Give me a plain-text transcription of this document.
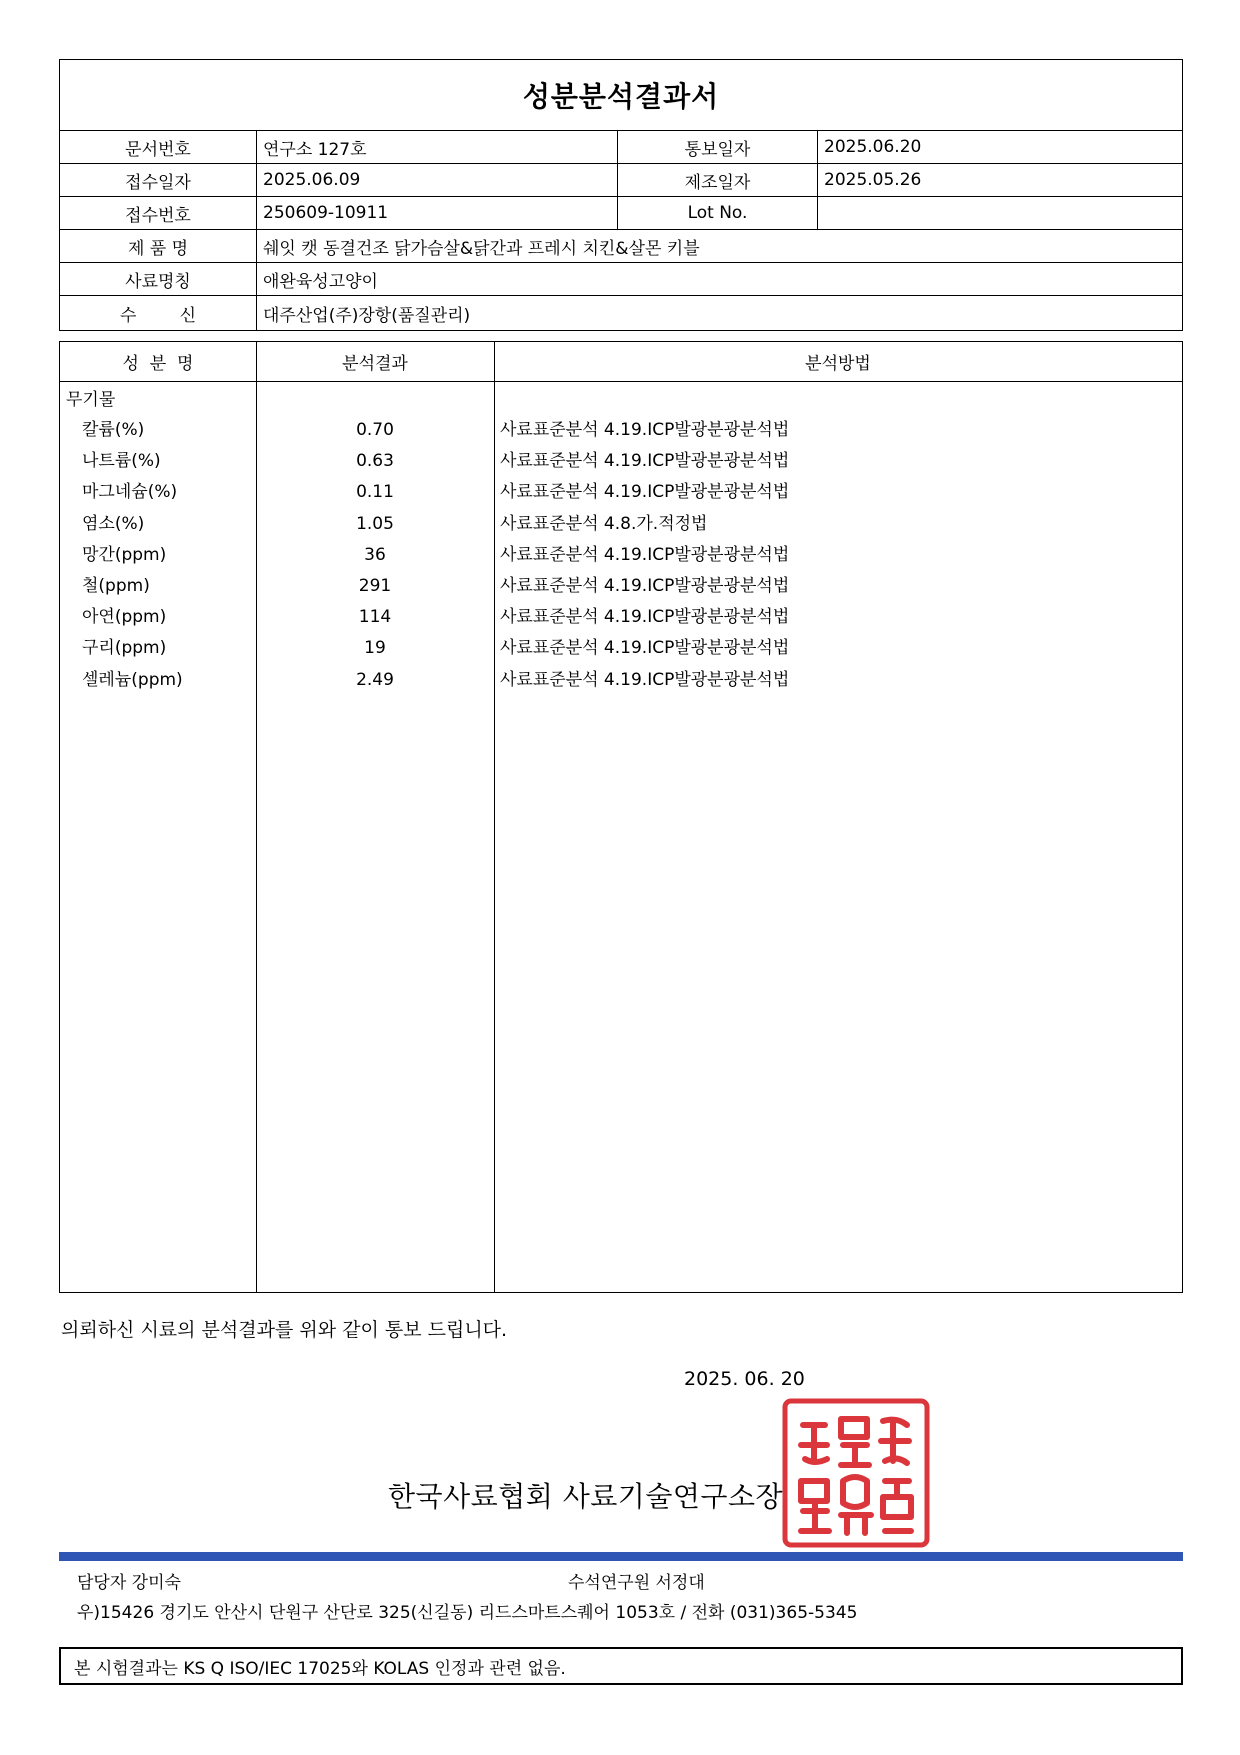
성분분석결과서
문서번호	연구소 127호	통보일자	2025.06.20
접수일자	2025.06.09	제조일자	2025.05.26
접수번호	250609-10911	Lot No.
제 품 명	쉐잇 캣 동결건조 닭가슴살&닭간과 프레시 치킨&살몬 키블
사료명칭	애완육성고양이
수        신	대주산업(주)장항(품질관리)
성  분  명	분석결과	분석방법
무기물
칼륨(%)	0.70	사료표준분석 4.19.ICP발광분광분석법
나트륨(%)	0.63	사료표준분석 4.19.ICP발광분광분석법
마그네슘(%)	0.11	사료표준분석 4.19.ICP발광분광분석법
염소(%)	1.05	사료표준분석 4.8.가.적정법
망간(ppm)	36	사료표준분석 4.19.ICP발광분광분석법
철(ppm)	291	사료표준분석 4.19.ICP발광분광분석법
아연(ppm)	114	사료표준분석 4.19.ICP발광분광분석법
구리(ppm)	19	사료표준분석 4.19.ICP발광분광분석법
셀레늄(ppm)	2.49	사료표준분석 4.19.ICP발광분광분석법
의뢰하신 시료의 분석결과를 위와 같이 통보 드립니다.
2025. 06. 20
한국사료협회 사료기술연구소장
담당자 강미숙	수석연구원 서정대
우)15426 경기도 안산시 단원구 산단로 325(신길동) 리드스마트스퀘어 1053호 / 전화 (031)365-5345
본 시험결과는 KS Q ISO/IEC 17025와 KOLAS 인정과 관련 없음.
